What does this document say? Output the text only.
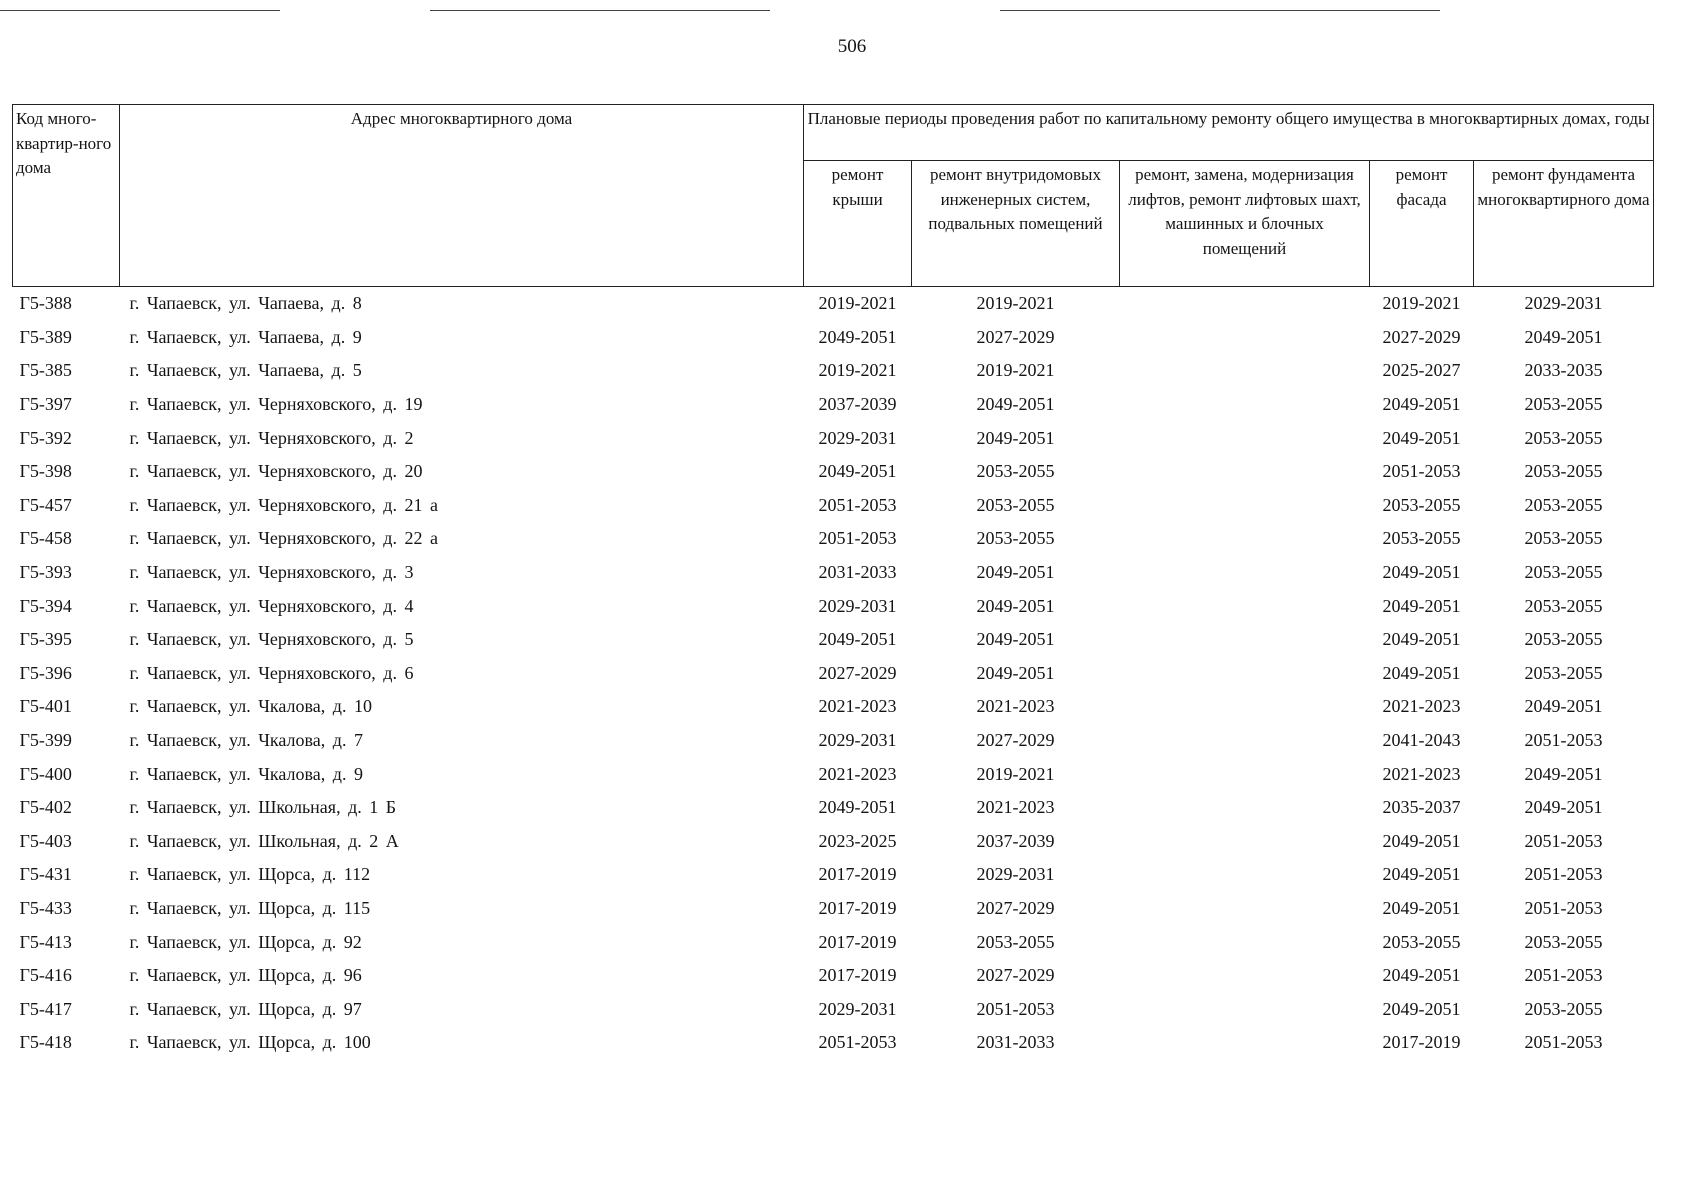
506
Код много-квартир-ного дома	Адрес многоквартирного дома	Плановые периоды проведения работ по капитальному ремонту общего имущества в многоквартирных домах, годы				
		ремонт крыши	ремонт внутридомовых инженерных систем, подвальных помещений	ремонт, замена, модернизация лифтов, ремонт лифтовых шахт, машинных и блочных помещений	ремонт фасада	ремонт фундамента многоквартирного дома
Г5-388	г. Чапаевск, ул. Чапаева, д. 8	2019-2021	2019-2021		2019-2021	2029-2031
Г5-389	г. Чапаевск, ул. Чапаева, д. 9	2049-2051	2027-2029		2027-2029	2049-2051
Г5-385	г. Чапаевск, ул. Чапаева, д. 5	2019-2021	2019-2021		2025-2027	2033-2035
Г5-397	г. Чапаевск, ул. Черняховского, д. 19	2037-2039	2049-2051		2049-2051	2053-2055
Г5-392	г. Чапаевск, ул. Черняховского, д. 2	2029-2031	2049-2051		2049-2051	2053-2055
Г5-398	г. Чапаевск, ул. Черняховского, д. 20	2049-2051	2053-2055		2051-2053	2053-2055
Г5-457	г. Чапаевск, ул. Черняховского, д. 21 а	2051-2053	2053-2055		2053-2055	2053-2055
Г5-458	г. Чапаевск, ул. Черняховского, д. 22 а	2051-2053	2053-2055		2053-2055	2053-2055
Г5-393	г. Чапаевск, ул. Черняховского, д. 3	2031-2033	2049-2051		2049-2051	2053-2055
Г5-394	г. Чапаевск, ул. Черняховского, д. 4	2029-2031	2049-2051		2049-2051	2053-2055
Г5-395	г. Чапаевск, ул. Черняховского, д. 5	2049-2051	2049-2051		2049-2051	2053-2055
Г5-396	г. Чапаевск, ул. Черняховского, д. 6	2027-2029	2049-2051		2049-2051	2053-2055
Г5-401	г. Чапаевск, ул. Чкалова, д. 10	2021-2023	2021-2023		2021-2023	2049-2051
Г5-399	г. Чапаевск, ул. Чкалова, д. 7	2029-2031	2027-2029		2041-2043	2051-2053
Г5-400	г. Чапаевск, ул. Чкалова, д. 9	2021-2023	2019-2021		2021-2023	2049-2051
Г5-402	г. Чапаевск, ул. Школьная, д. 1 Б	2049-2051	2021-2023		2035-2037	2049-2051
Г5-403	г. Чапаевск, ул. Школьная, д. 2 А	2023-2025	2037-2039		2049-2051	2051-2053
Г5-431	г. Чапаевск, ул. Щорса, д. 112	2017-2019	2029-2031		2049-2051	2051-2053
Г5-433	г. Чапаевск, ул. Щорса, д. 115	2017-2019	2027-2029		2049-2051	2051-2053
Г5-413	г. Чапаевск, ул. Щорса, д. 92	2017-2019	2053-2055		2053-2055	2053-2055
Г5-416	г. Чапаевск, ул. Щорса, д. 96	2017-2019	2027-2029		2049-2051	2051-2053
Г5-417	г. Чапаевск, ул. Щорса, д. 97	2029-2031	2051-2053		2049-2051	2053-2055
Г5-418	г. Чапаевск, ул. Щорса, д. 100	2051-2053	2031-2033		2017-2019	2051-2053
